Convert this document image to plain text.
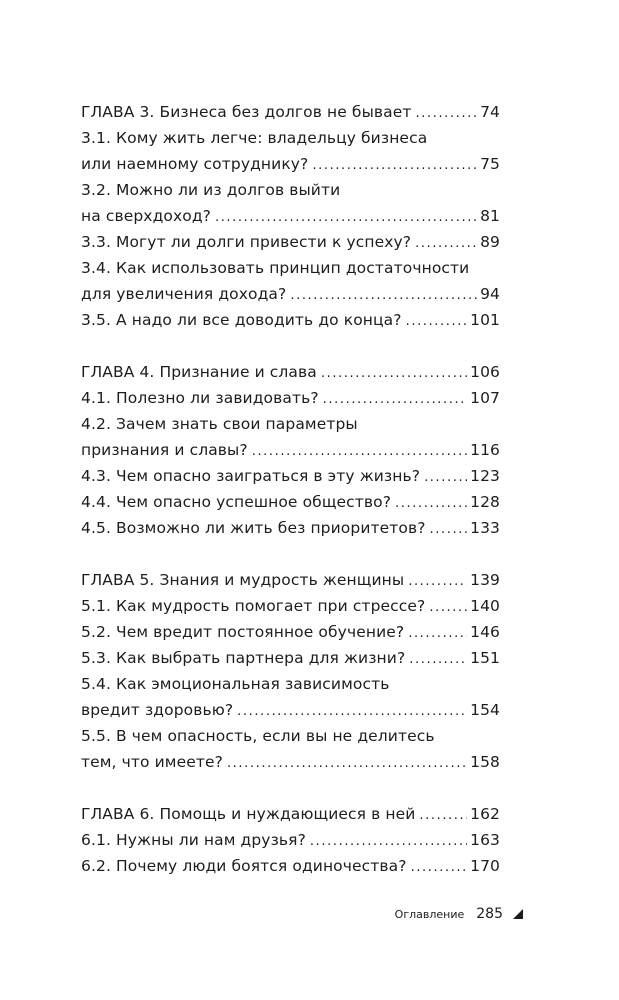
ГЛАВА 3. Бизнеса без долгов не бывает .....	74
3.1. Кому жить легче: владельцу бизнеса
или наемному сотруднику? .....	75
3.2. Можно ли из долгов выйти
на сверхдоход? .....	81
3.3. Могут ли долги привести к успеху? .....	89
3.4. Как использовать принцип достаточности
для увеличения дохода? .....	94
3.5. А надо ли все доводить до конца? .....	101
ГЛАВА 4. Признание и слава .....	106
4.1. Полезно ли завидовать? .....	107
4.2. Зачем знать свои параметры
признания и славы? .....	116
4.3. Чем опасно заиграться в эту жизнь? .....	123
4.4. Чем опасно успешное общество? .....	128
4.5. Возможно ли жить без приоритетов? .....	133
ГЛАВА 5. Знания и мудрость женщины .....	139
5.1. Как мудрость помогает при стрессе? .....	140
5.2. Чем вредит постоянное обучение? .....	146
5.3. Как выбрать партнера для жизни? .....	151
5.4. Как эмоциональная зависимость
вредит здоровью? .....	154
5.5. В чем опасность, если вы не делитесь
тем, что имеете? .....	158
ГЛАВА 6. Помощь и нуждающиеся в ней .....	162
6.1. Нужны ли нам друзья? .....	163
6.2. Почему люди боятся одиночества? .....	170
Оглавление 285
